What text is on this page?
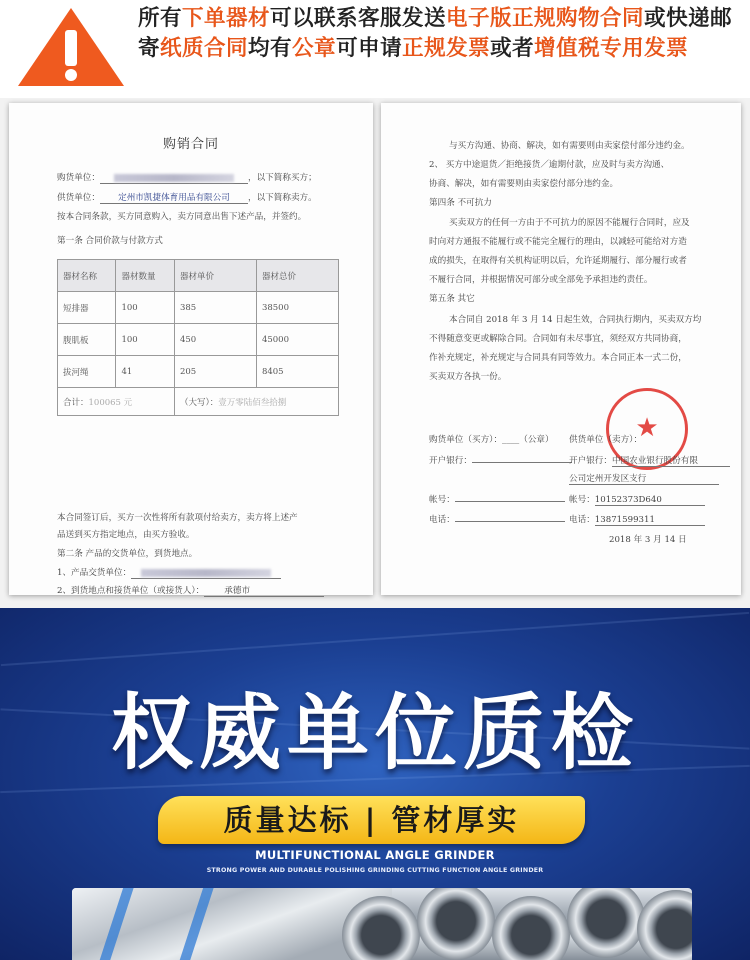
所有下单器材可以联系客服发送电子版正规购物合同或快递邮寄纸质合同均有公章可申请正规发票或者增值税专用发票
购销合同
购货单位：	，以下简称买方；
供货单位： 定州市凯捷体育用品有限公司 ，以下简称卖方。
按本合同条款，买方同意购入，卖方同意出售下述产品，并签约。
第一条 合同价款与付款方式
器材名称	器材数量	器材单价	器材总价
短排器	100	385	38500
腹肌板	100	450	45000
拔河绳	41	205	8405
合计：100065 元		（大写）：壹万零陆佰叁拾捌	
本合同签订后，买方一次性将所有款项付给卖方，卖方将上述产
品送到买方指定地点，由买方验收。
第二条 产品的交货单位，到货地点。
1、产品交货单位：
2、到货地点和接货单位（或接货人）： 承德市
与买方沟通、协商、解决，如有需要则由卖家偿付部分违约金。
2、 买方中途退货／拒绝接货／逾期付款，应及时与卖方沟通、
协商、解决，如有需要则由卖家偿付部分违约金。
第四条 不可抗力
买卖双方的任何一方由于不可抗力的原因不能履行合同时，应及
时向对方通报不能履行或不能完全履行的理由，以减轻可能给对方造
成的损失，在取得有关机构证明以后，允许延期履行、部分履行或者
不履行合同，并根据情况可部分或全部免予承担违约责任。
第五条 其它
本合同自 2018 年 3 月 14 日起生效，合同执行期内，买卖双方均
不得随意变更或解除合同。合同如有未尽事宜，须经双方共同协商，
作补充规定，补充规定与合同具有同等效力。本合同正本一式二份，
买卖双方各执一份。
★
购货单位（买方）：____（公章） 供货单位（卖方）：
开户银行：	开户银行：中国农业银行股份有限
公司定州开发区支行
帐号：	帐号：10152373D640
电话：	电话：13871599311
2018 年 3 月 14 日
权威单位质检
质量达标 | 管材厚实
MULTIFUNCTIONAL ANGLE GRINDER
STRONG POWER AND DURABLE POLISHING GRINDING CUTTING FUNCTION ANGLE GRINDER
